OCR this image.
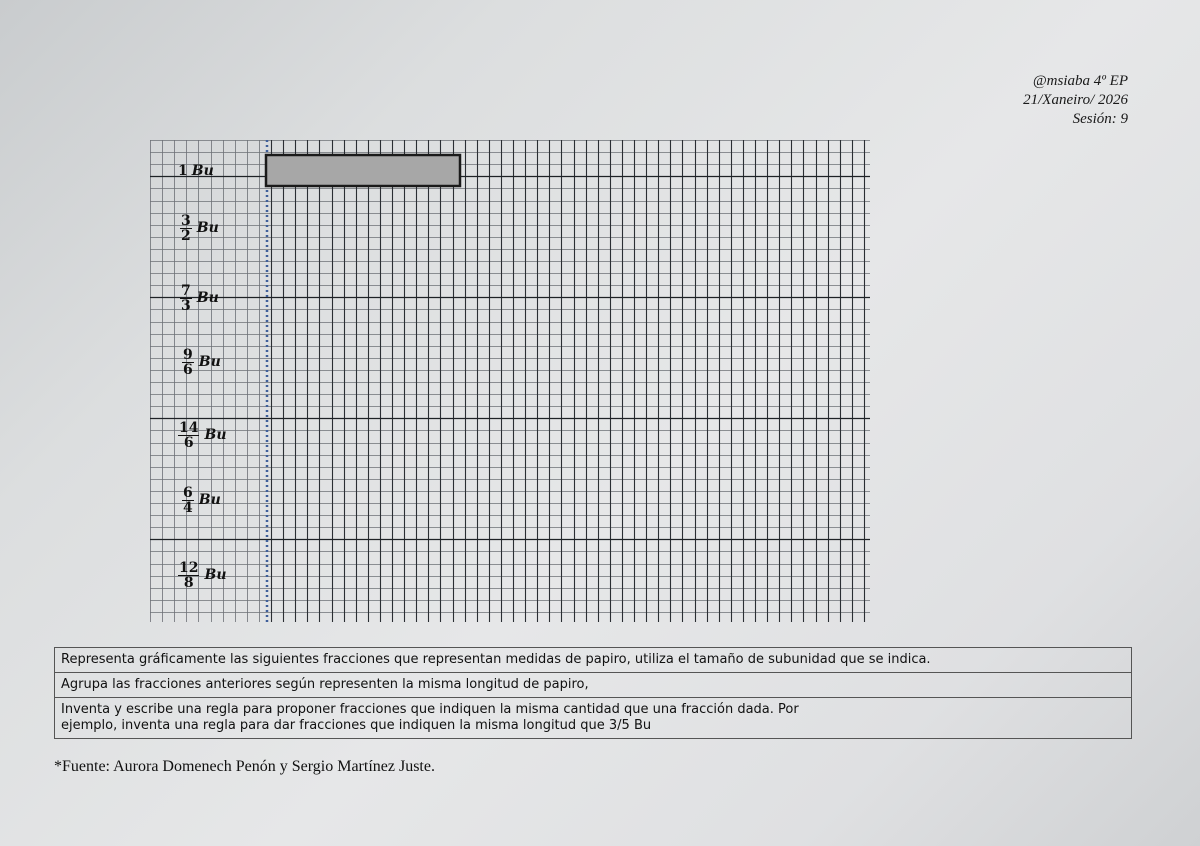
@msiaba 4º EP
21/Xaneiro/ 2026
Sesión: 9
1 Bu
$\frac{3}{2}$ Bu
$\frac{7}{3}$ Bu
$\frac{9}{6}$ Bu
$\frac{14}{6}$ Bu
$\frac{6}{4}$ Bu
$\frac{12}{8}$ Bu
Representa gráficamente las siguientes fracciones que representan medidas de papiro, utiliza el tamaño de subunidad que se indica.
Agrupa las fracciones anteriores según representen la misma longitud de papiro,
Inventa y escribe una regla para proponer fracciones que indiquen la misma cantidad que una fracción dada. Por ejemplo, inventa una regla para dar fracciones que indiquen la misma longitud que 3/5 Bu
*Fuente: Aurora Domenech Penón y Sergio Martínez Juste.
